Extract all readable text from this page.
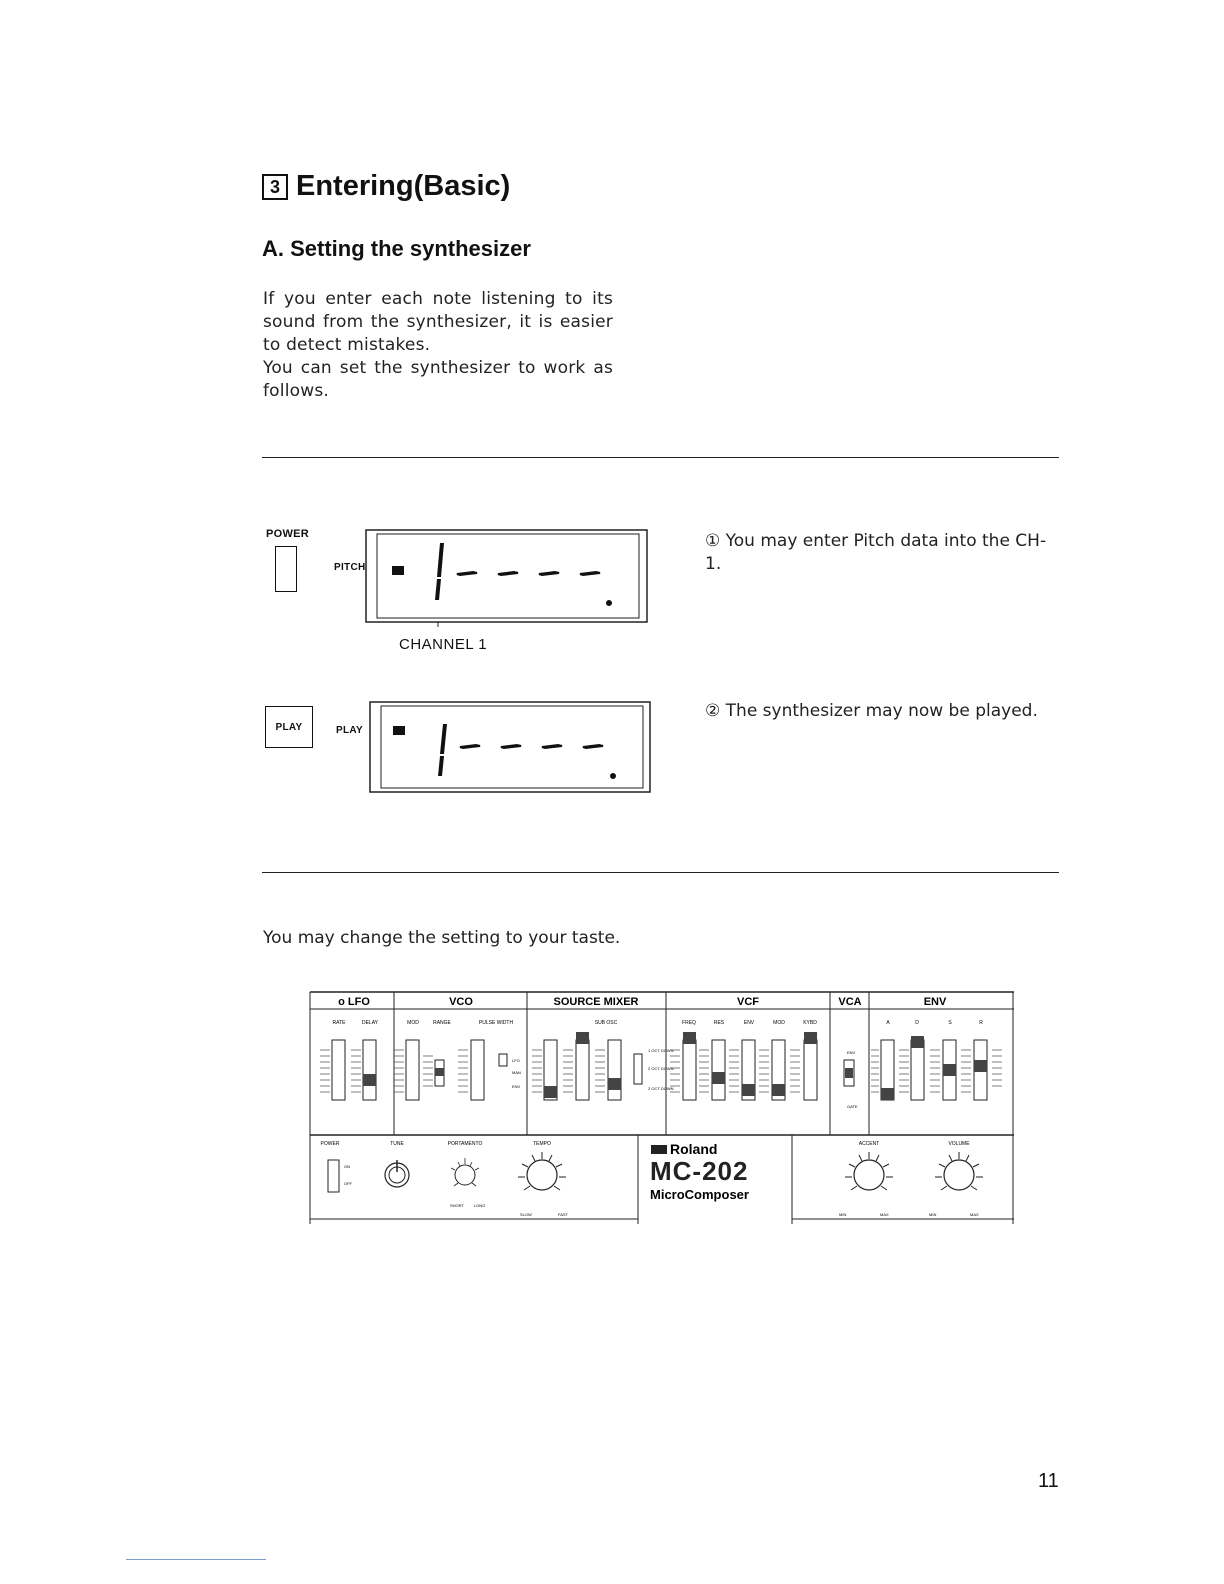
3 Entering(Basic)
A. Setting the synthesizer

If you enter each note listening to its sound from the synthesizer, it is easier to detect mistakes.

You can set the synthesizer to work as follows.

POWER
PITCH
CHANNEL 1
① You may enter Pitch data into the CH-1.
PLAY	PLAY
② The synthesizer may now be played.
You may change the setting to your taste.
o LFO	VCO	SOURCE MIXER	VCF	VCA	ENV
RATE	DELAY	MOD	RANGE	PULSE WIDTH	SUB OSC	FREQ	RES	ENV	MOD	KYBD	A	D	S	R
LFO
MAN
ENV
1 OCT DOWN
2 OCT DOWN
2 OCT DOWN
ENV
GATE
POWER	TUNE	PORTAMENTO	TEMPO	ACCENT	VOLUME
ON
OFF
SHORT	LONG
SLOW	FAST
Roland
MC-202
MicroComposer
MIN	MAX	MIN	MAX
11
